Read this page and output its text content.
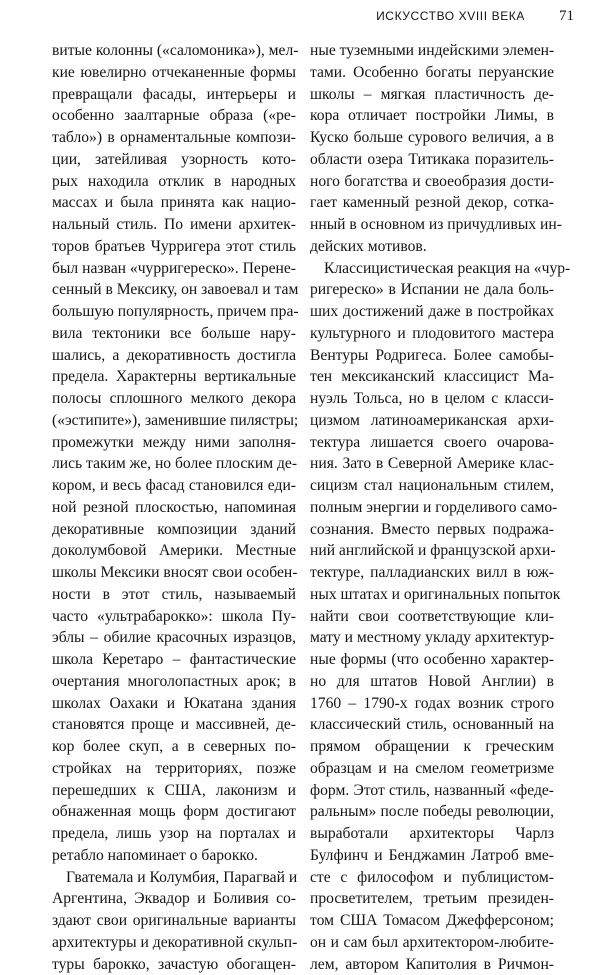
ИСКУССТВО XVIII ВЕКА 71
витые колонны («саломоника»), мел-
кие ювелирно отчеканенные формы
превращали фасады, интерьеры и
особенно заалтарные образа («ре-
табло») в орнаментальные компози-
ции, затейливая узорность кото-
рых находила отклик в народных
массах и была принята как нацио-
нальный стиль. По имени архитек-
торов братьев Чурригера этот стиль
был назван «чурригереско». Перене-
сенный в Мексику, он завоевал и там
большую популярность, причем пра-
вила тектоники все больше нару-
шались, а декоративность достигла
предела. Характерны вертикальные
полосы сплошного мелкого декора
(«эстипите»), заменившие пилястры;
промежутки между ними заполня-
лись таким же, но более плоским де-
кором, и весь фасад становился еди-
ной резной плоскостью, напоминая
декоративные композиции зданий
доколумбовой Америки. Местные
школы Мексики вносят свои особен-
ности в этот стиль, называемый
часто «ультрабарокко»: школа Пу-
эблы – обилие красочных изразцов,
школа Керетаро – фантастические
очертания многолопастных арок; в
школах Оахаки и Юкатана здания
становятся проще и массивней, де-
кор более скуп, а в северных по-
стройках на территориях, позже
перешедших к США, лаконизм и
обнаженная мощь форм достигают
предела, лишь узор на порталах и
ретабло напоминает о барокко.
Гватемала и Колумбия, Парагвай и
Аргентина, Эквадор и Боливия со-
здают свои оригинальные варианты
архитектуры и декоративной скульп-
туры барокко, зачастую обогащен-
ные туземными индейскими элемен-
тами. Особенно богаты перуанские
школы – мягкая пластичность де-
кора отличает постройки Лимы, в
Куско больше сурового величия, а в
области озера Титикака поразитель-
ного богатства и своеобразия дости-
гает каменный резной декор, сотка-
нный в основном из причудливых ин-
дейских мотивов.
Классицистическая реакция на «чур-
ригереско» в Испании не дала боль-
ших достижений даже в постройках
культурного и плодовитого мастера
Вентуры Родригеса. Более самобы-
тен мексиканский классицист Ма-
нуэль Тольса, но в целом с класси-
цизмом латиноамериканская архи-
тектура лишается своего очарова-
ния. Зато в Северной Америке клас-
сицизм стал национальным стилем,
полным энергии и горделивого само-
сознания. Вместо первых подража-
ний английской и французской архи-
тектуре, палладианских вилл в юж-
ных штатах и оригинальных попыток
найти свои соответствующие кли-
мату и местному укладу архитектур-
ные формы (что особенно характер-
но для штатов Новой Англии) в
1760 – 1790-х годах возник строго
классический стиль, основанный на
прямом обращении к греческим
образцам и на смелом геометризме
форм. Этот стиль, названный «феде-
ральным» после победы революции,
выработали архитекторы Чарлз
Булфинч и Бенджамин Латроб вме-
сте с философом и публицистом-
просветителем, третьим президен-
том США Томасом Джефферсоном;
он и сам был архитектором-любите-
лем, автором Капитолия в Ричмон-
